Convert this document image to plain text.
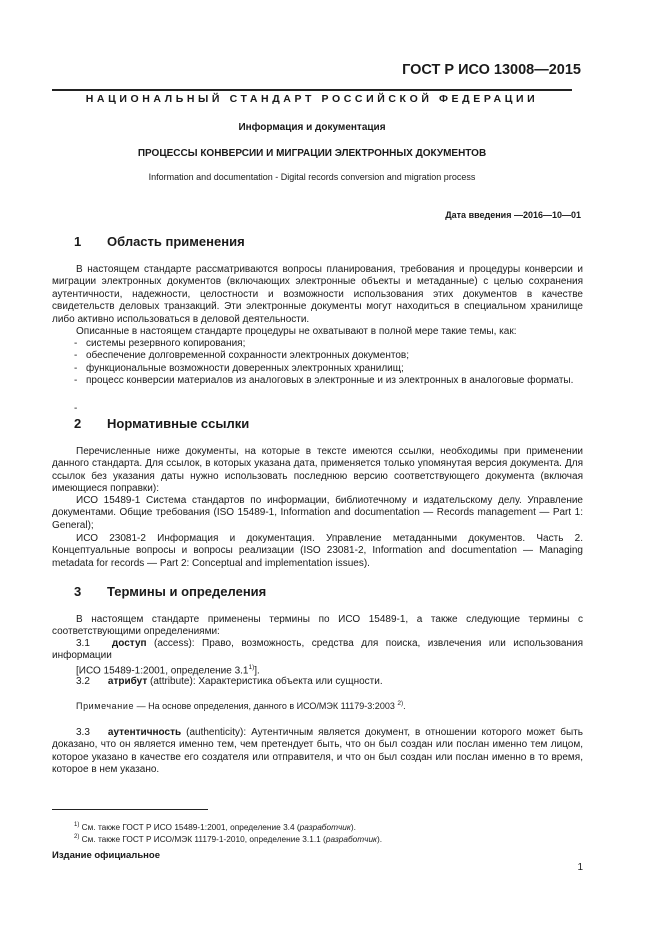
ГОСТ Р ИСО 13008—2015
НАЦИОНАЛЬНЫЙ СТАНДАРТ РОССИЙСКОЙ ФЕДЕРАЦИИ
Информация и документация
ПРОЦЕССЫ КОНВЕРСИИ И МИГРАЦИИ ЭЛЕКТРОННЫХ ДОКУМЕНТОВ
Information and documentation - Digital records conversion and migration process
Дата введения —2016—10—01
1 Область применения
В настоящем стандарте рассматриваются вопросы планирования, требования и процедуры конверсии и миграции электронных документов (включающих электронные объекты и метаданные) с целью сохранения аутентичности, надежности, целостности и возможности использования этих документов в качестве свидетельств деловых транзакций. Эти электронные документы могут находиться в специальном хранилище либо активно использоваться в деловой деятельности.
Описанные в настоящем стандарте процедуры не охватывают в полной мере такие темы, как:
- системы резервного копирования;
- обеспечение долговременной сохранности электронных документов;
- функциональные возможности доверенных электронных хранилищ;
- процесс конверсии материалов из аналоговых в электронные и из электронных в аналоговые форматы.
-
2 Нормативные ссылки
Перечисленные ниже документы, на которые в тексте имеются ссылки, необходимы при применении данного стандарта. Для ссылок, в которых указана дата, применяется только упомянутая версия документа. Для ссылок без указания даты нужно использовать последнюю версию соответствующего документа (включая имеющиеся поправки):
ИСО 15489-1 Система стандартов по информации, библиотечному и издательскому делу. Управление документами. Общие требования (ISO 15489-1, Information and documentation — Records management — Part 1: General);
ИСО 23081-2 Информация и документация. Управление метаданными документов. Часть 2. Концептуальные вопросы и вопросы реализации (ISO 23081-2, Information and documentation — Managing metadata for records — Part 2: Conceptual and implementation issues).
3 Термины и определения
В настоящем стандарте применены термины по ИСО 15489-1, а также следующие термины с соответствующими определениями:
3.1 доступ (access): Право, возможность, средства для поиска, извлечения или использования информации
[ИСО 15489-1:2001, определение 3.1$^{1)}$].
3.2 атрибут (attribute): Характеристика объекта или сущности.
Примечание — На основе определения, данного в ИСО/МЭК 11179-3:2003 $^{2)}$.
3.3 аутентичность (authenticity): Аутентичным является документ, в отношении которого может быть доказано, что он является именно тем, чем претендует быть, что он был создан или послан именно тем лицом, которое указано в качестве его создателя или отправителя, и что он был создан или послан именно в то время, которое в нем указано.
$^{1)}$ См. также ГОСТ Р ИСО 15489-1:2001, определение 3.4 (разработчик).
$^{2)}$ См. также ГОСТ Р ИСО/МЭК 11179-1-2010, определение 3.1.1 (разработчик).
Издание официальное
1
